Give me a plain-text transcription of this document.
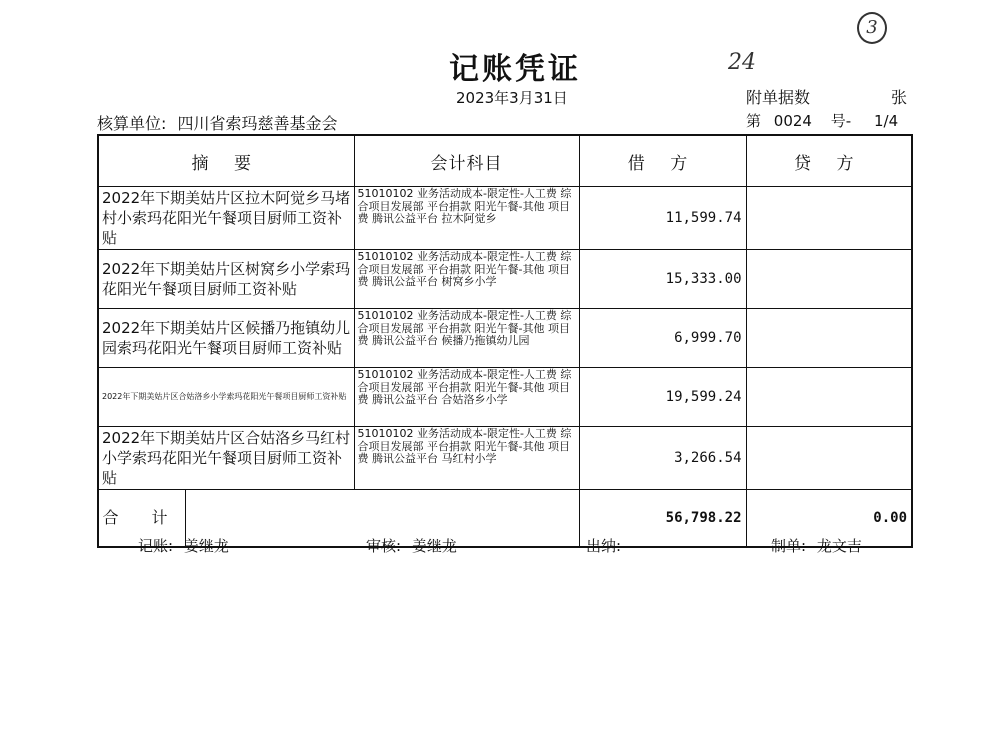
24
3
记账凭证
2023年3月31日	附单据数	张
核算单位: 四川省索玛慈善基金会	第 0024 号- 1/4
摘 要	会计科目	借 方	贷 方
2022年下期美姑片区拉木阿觉乡马堵村小索玛花阳光午餐项目厨师工资补贴	51010102 业务活动成本-限定性-人工费 综合项目发展部 平台捐款 阳光午餐-其他 项目费 腾讯公益平台 拉木阿觉乡	11,599.74	
2022年下期美姑片区树窝乡小学索玛花阳光午餐项目厨师工资补贴	51010102 业务活动成本-限定性-人工费 综合项目发展部 平台捐款 阳光午餐-其他 项目费 腾讯公益平台 树窝乡小学	15,333.00	
2022年下期美姑片区候播乃拖镇幼儿园索玛花阳光午餐项目厨师工资补贴	51010102 业务活动成本-限定性-人工费 综合项目发展部 平台捐款 阳光午餐-其他 项目费 腾讯公益平台 候播乃拖镇幼儿园	6,999.70	
2022年下期美姑片区合姑洛乡小学索玛花阳光午餐项目厨师工资补贴	51010102 业务活动成本-限定性-人工费 综合项目发展部 平台捐款 阳光午餐-其他 项目费 腾讯公益平台 合姑洛乡小学	19,599.24	
2022年下期美姑片区合姑洛乡马红村小学索玛花阳光午餐项目厨师工资补贴	51010102 业务活动成本-限定性-人工费 综合项目发展部 平台捐款 阳光午餐-其他 项目费 腾讯公益平台 马红村小学	3,266.54	

合 计		56,798.22	0.00
记账: 姜继龙	审核: 姜继龙	出纳:	制单: 龙文吉
